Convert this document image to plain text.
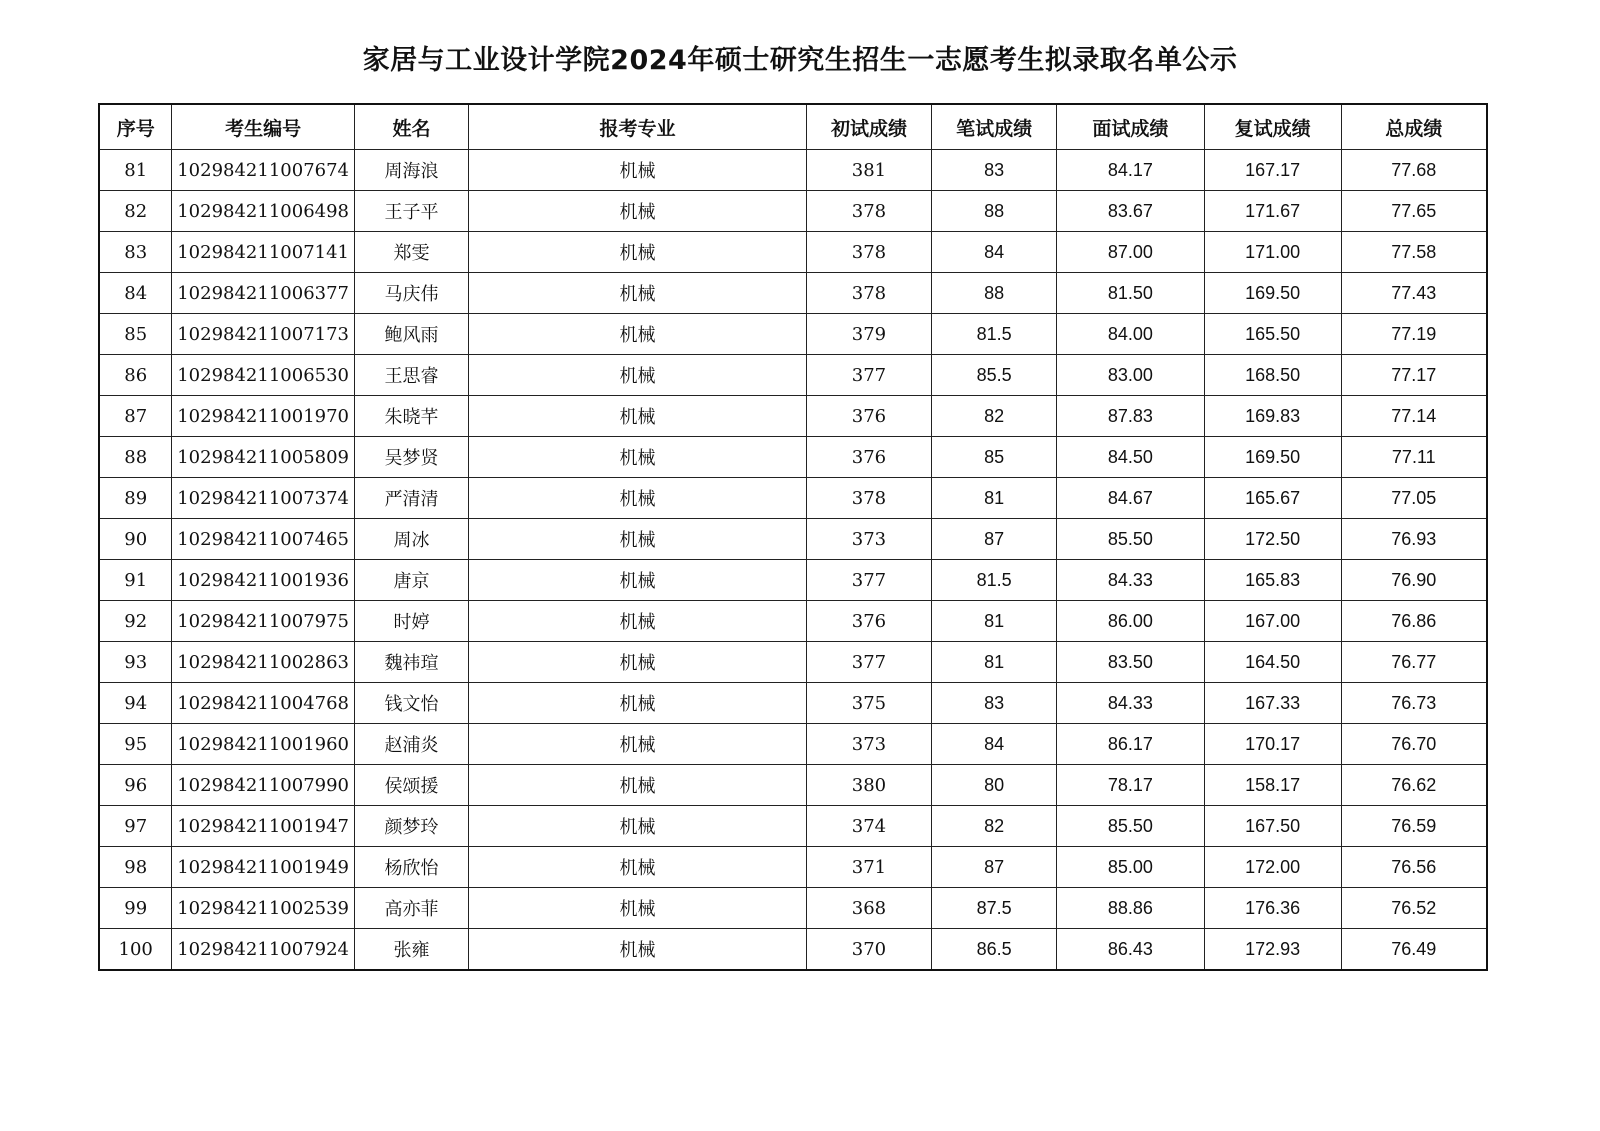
家居与工业设计学院2024年硕士研究生招生一志愿考生拟录取名单公示
序号	考生编号	姓名	报考专业	初试成绩	笔试成绩	面试成绩	复试成绩	总成绩
81	102984211007674	周海浪	机械	381	83	84.17	167.17	77.68
82	102984211006498	王子平	机械	378	88	83.67	171.67	77.65
83	102984211007141	郑雯	机械	378	84	87.00	171.00	77.58
84	102984211006377	马庆伟	机械	378	88	81.50	169.50	77.43
85	102984211007173	鲍风雨	机械	379	81.5	84.00	165.50	77.19
86	102984211006530	王思睿	机械	377	85.5	83.00	168.50	77.17
87	102984211001970	朱晓芊	机械	376	82	87.83	169.83	77.14
88	102984211005809	吴梦贤	机械	376	85	84.50	169.50	77.11
89	102984211007374	严清清	机械	378	81	84.67	165.67	77.05
90	102984211007465	周冰	机械	373	87	85.50	172.50	76.93
91	102984211001936	唐京	机械	377	81.5	84.33	165.83	76.90
92	102984211007975	时婷	机械	376	81	86.00	167.00	76.86
93	102984211002863	魏祎瑄	机械	377	81	83.50	164.50	76.77
94	102984211004768	钱文怡	机械	375	83	84.33	167.33	76.73
95	102984211001960	赵浦炎	机械	373	84	86.17	170.17	76.70
96	102984211007990	侯颂援	机械	380	80	78.17	158.17	76.62
97	102984211001947	颜梦玲	机械	374	82	85.50	167.50	76.59
98	102984211001949	杨欣怡	机械	371	87	85.00	172.00	76.56
99	102984211002539	高亦菲	机械	368	87.5	88.86	176.36	76.52
100	102984211007924	张雍	机械	370	86.5	86.43	172.93	76.49
